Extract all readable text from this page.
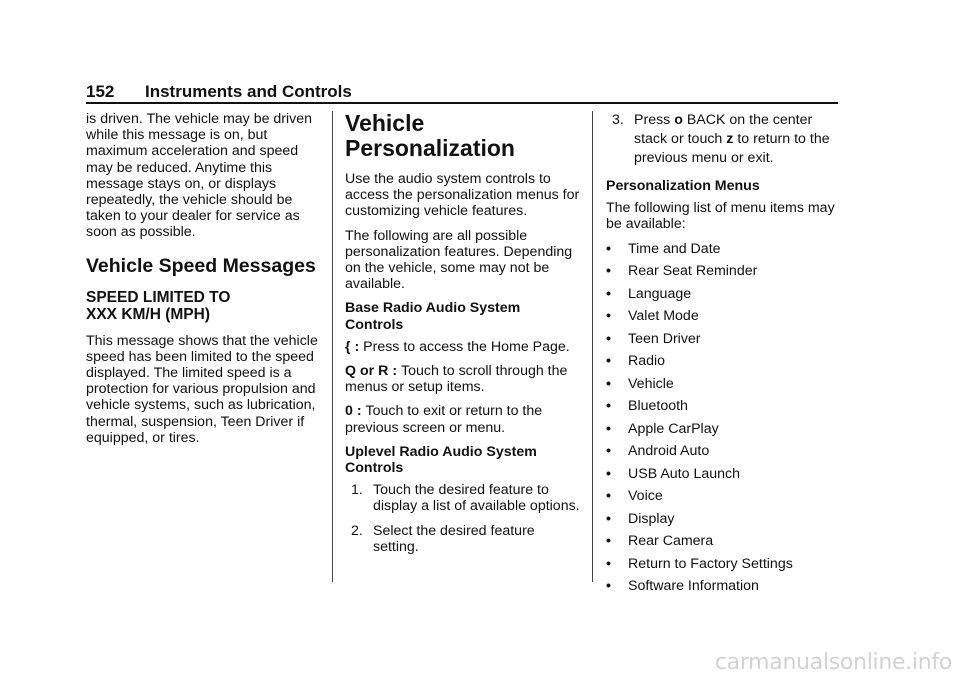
152 Instruments and Controls

is driven. The vehicle may be driven while this message is on, but maximum acceleration and speed may be reduced. Anytime this message stays on, or displays repeatedly, the vehicle should be taken to your dealer for service as soon as possible.

Vehicle Speed Messages
SPEED LIMITED TO
XXX KM/H (MPH)

This message shows that the vehicle speed has been limited to the speed displayed. The limited speed is a protection for various propulsion and vehicle systems, such as lubrication, thermal, suspension, Teen Driver if equipped, or tires.

Vehicle
Personalization

Use the audio system controls to access the personalization menus for customizing vehicle features.

The following are all possible personalization features. Depending on the vehicle, some may not be available.

Base Radio Audio System Controls

{ : Press to access the Home Page.

Q or R : Touch to scroll through the menus or setup items.

0 : Touch to exit or return to the previous screen or menu.

Uplevel Radio Audio System Controls
1. Touch the desired feature to display a list of available options.
2. Select the desired feature setting.
3. Press o BACK on the center stack or touch z to return to the previous menu or exit.
Personalization Menus

The following list of menu items may be available:

•	Time and Date
•	Rear Seat Reminder
•	Language
•	Valet Mode
•	Teen Driver
•	Radio
•	Vehicle
•	Bluetooth
•	Apple CarPlay
•	Android Auto
•	USB Auto Launch
•	Voice
•	Display
•	Rear Camera
•	Return to Factory Settings
•	Software Information
carmanualsonline.info
